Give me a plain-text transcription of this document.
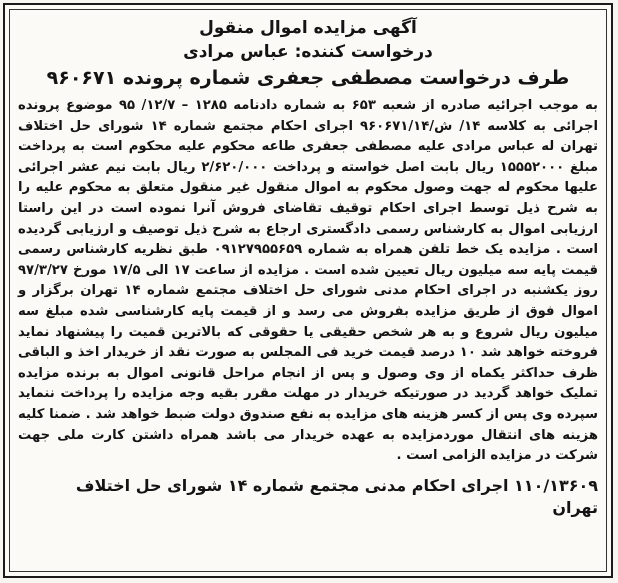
آگهی مزایده اموال منقول
درخواست کننده: عباس مرادی
طرف درخواست مصطفی جعفری شماره پرونده ۹۶۰۶۷۱

به موجب اجرائیه صادره از شعبه ۶۵۳ به شماره دادنامه ۱۲۸۵ – ۱۲/۷/ ۹۵ موضوع پرونده اجرائی به کلاسه ۱۴/ ش/۹۶۰۶۷۱/۱۴ اجرای احکام مجتمع شماره ۱۴ شورای حل اختلاف تهران له عباس مرادی علیه مصطفی جعفری طاعه محکوم علیه محکوم است به پرداخت مبلغ ۱۵۵۵۲۰۰۰ ریال بابت اصل خواسته و پرداخت ۲/۶۲۰/۰۰۰ ریال بابت نیم عشر اجرائی علیها محکوم له جهت وصول محکوم به اموال منقول غیر منقول متعلق به محکوم علیه را به شرح ذیل توسط اجرای احکام توقیف تقاضای فروش آنرا نموده است در این راستا ارزیابی اموال به کارشناس رسمی دادگستری ارجاع به شرح ذیل توصیف و ارزیابی گردیده است . مزایده یک خط تلفن همراه به شماره ۰۹۱۲۷۹۵۵۶۵۹ طبق نظریه کارشناس رسمی قیمت پایه سه میلیون ریال تعیین شده است . مزایده از ساعت ۱۷ الی ۱۷/۵ مورخ ۹۷/۳/۲۷ روز یکشنبه در اجرای احکام مدنی شورای حل اختلاف مجتمع شماره ۱۴ تهران برگزار و اموال فوق از طریق مزایده بفروش می رسد و از قیمت پایه کارشناسی شده مبلغ سه میلیون ریال شروع و به هر شخص حقیقی یا حقوقی که بالاترین قمیت را پیشنهاد نماید فروخته خواهد شد ۱۰ درصد قیمت خرید فی المجلس به صورت نقد از خریدار اخذ و الباقی ظرف حداکثر یکماه از وی وصول و پس از انجام مراحل قانونی اموال به برنده مزایده تملیک خواهد گردید در صورتیکه خریدار در مهلت مقرر بقیه وجه مزایده را پرداخت ننماید سپرده وی پس از کسر هزینه های مزایده به نفع صندوق دولت ضبط خواهد شد . ضمنا کلیه هزینه های انتقال موردمزایده به عهده خریدار می باشد همراه داشتن کارت ملی جهت شرکت در مزایده الزامی است .

۱۱۰/۱۳۶۰۹ اجرای احکام مدنی مجتمع شماره ۱۴ شورای حل اختلاف
تهران
